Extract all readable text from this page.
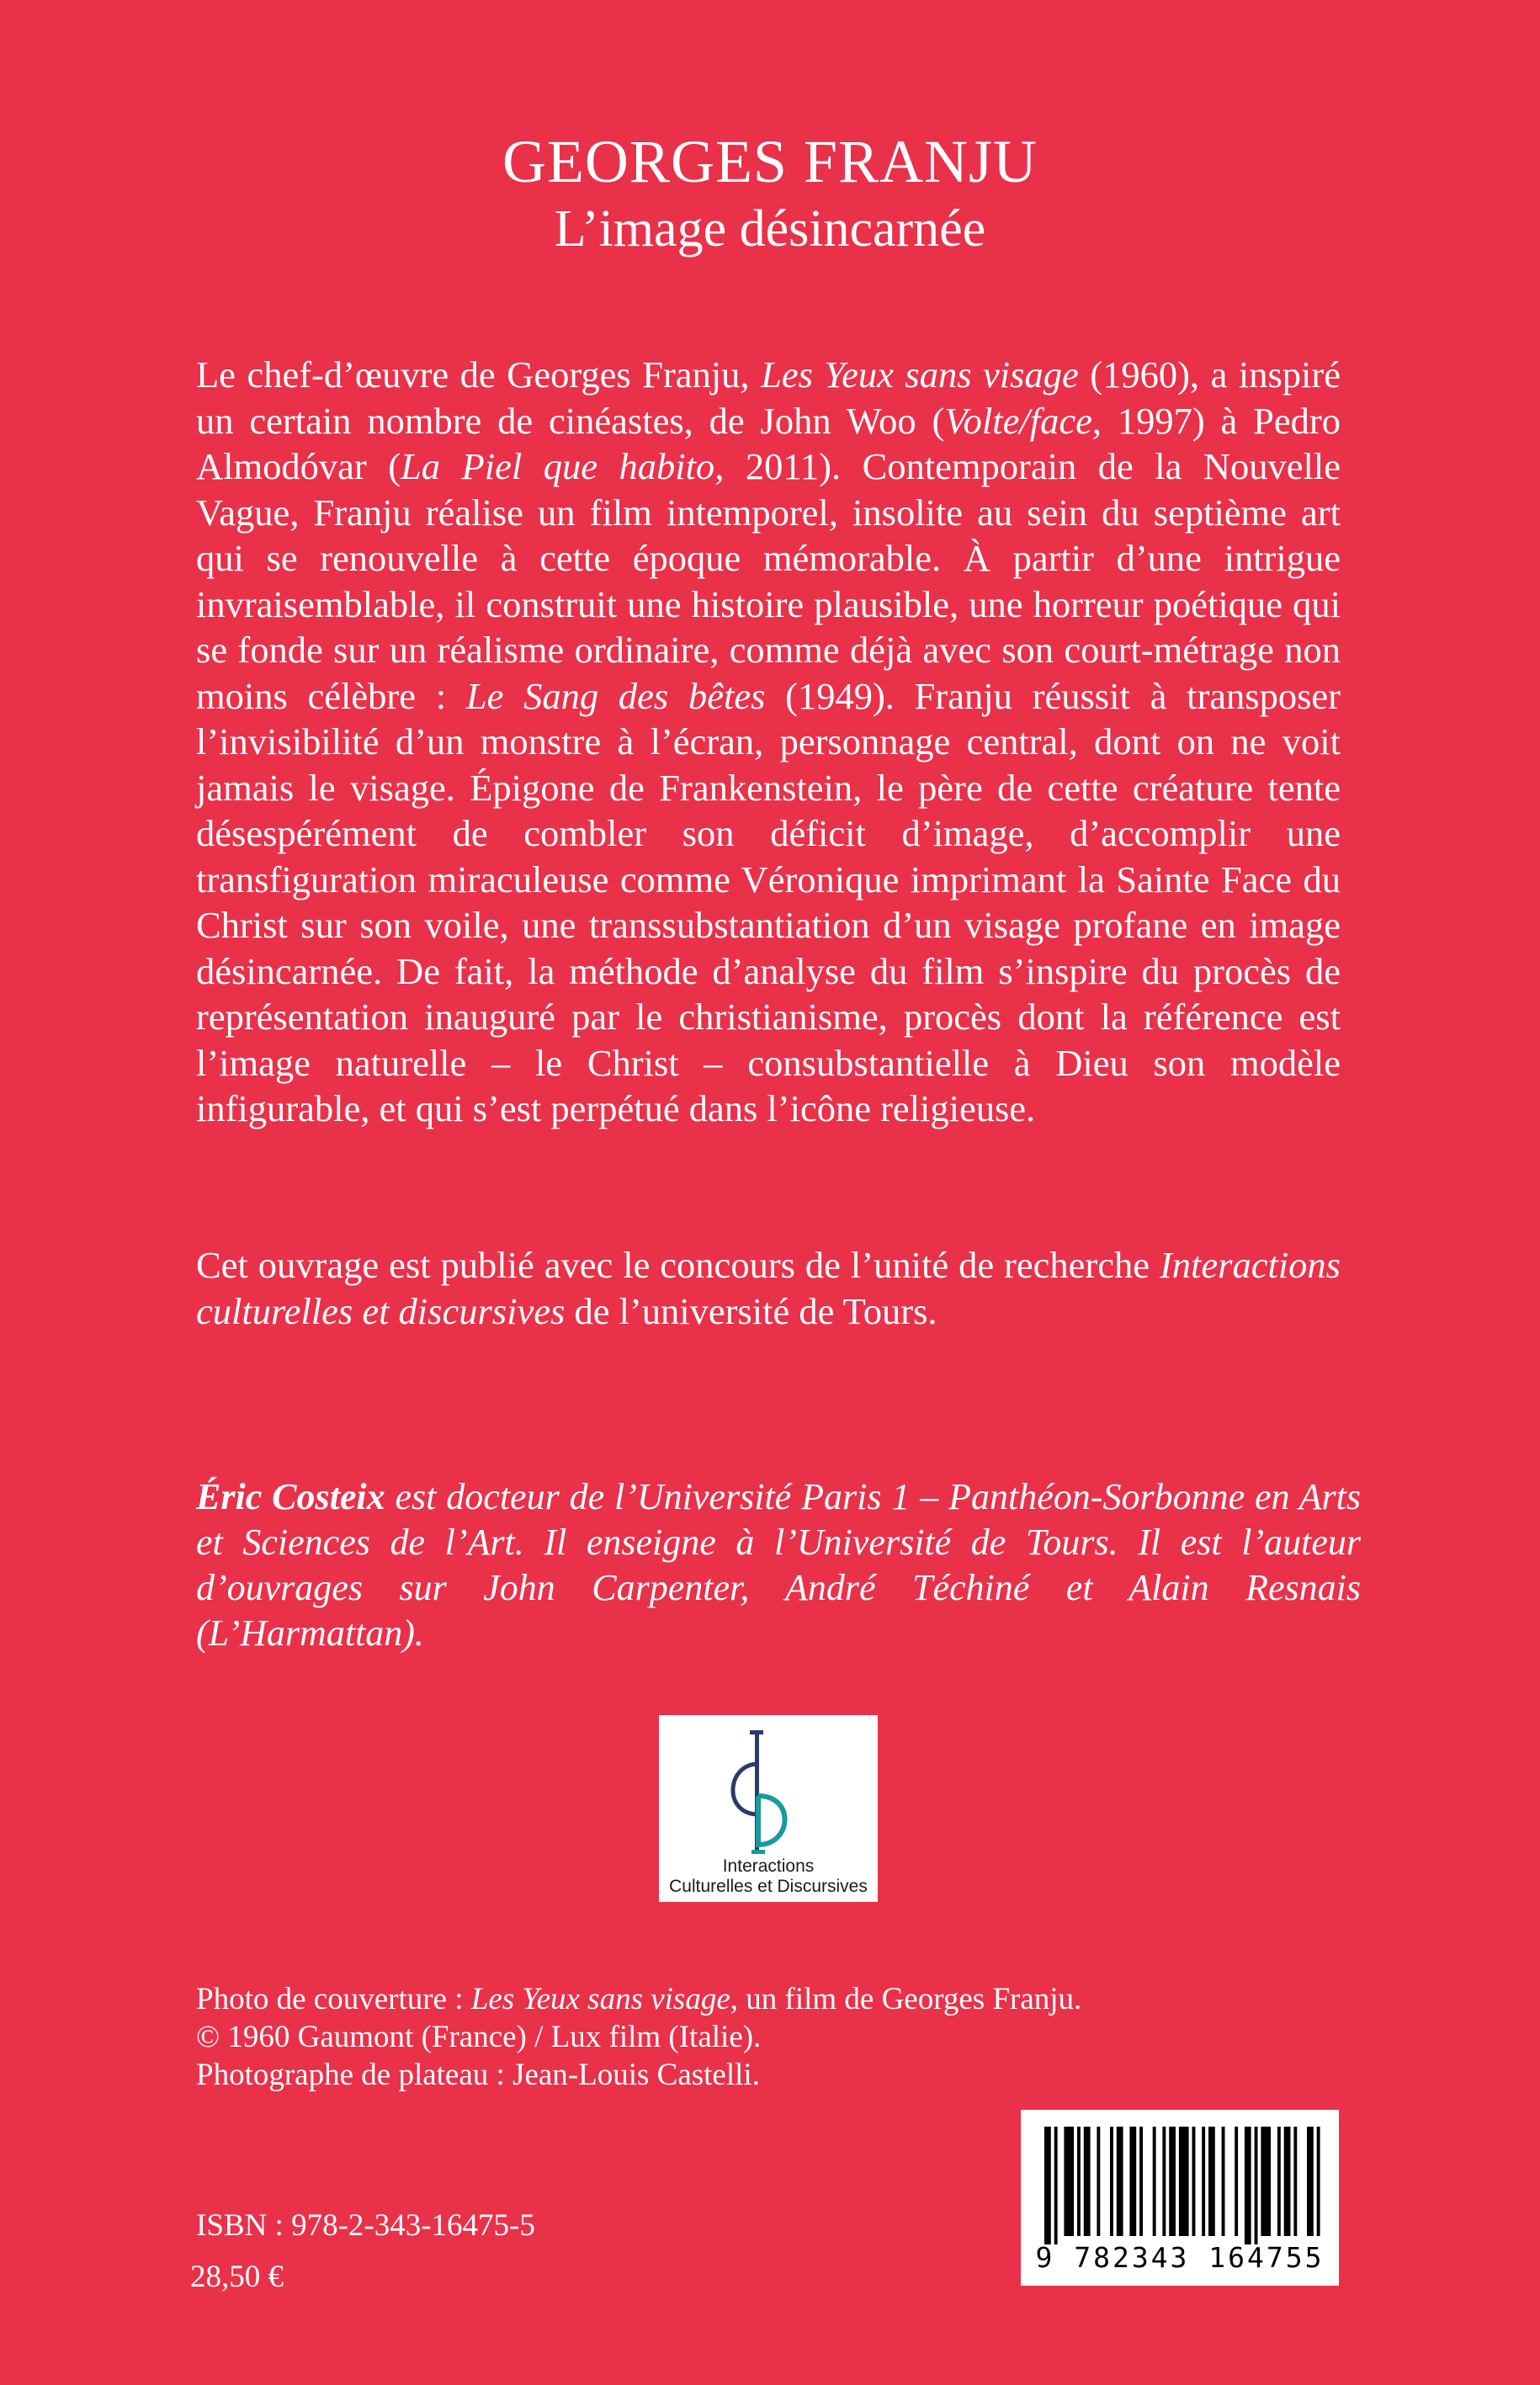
GEORGES FRANJU

L’image désincarnée

Le chef-d’œuvre de Georges Franju, Les Yeux sans visage (1960), a inspiré un certain nombre de cinéastes, de John Woo (Volte/face, 1997) à Pedro Almodóvar (La Piel que habito, 2011). Contemporain de la Nouvelle Vague, Franju réalise un film intemporel, insolite au sein du septième art qui se renouvelle à cette époque mémorable. À partir d’une intrigue invraisemblable, il construit une histoire plausible, une horreur poétique qui se fonde sur un réalisme ordinaire, comme déjà avec son court-métrage non moins célèbre : Le Sang des bêtes (1949). Franju réussit à transposer l’invisibilité d’un monstre à l’écran, personnage central, dont on ne voit jamais le visage. Épigone de Frankenstein, le père de cette créature tente désespérément de combler son déficit d’image, d’accomplir une transfiguration miraculeuse comme Véronique imprimant la Sainte Face du Christ sur son voile, une transsubstantiation d’un visage profane en image désincarnée. De fait, la méthode d’analyse du film s’inspire du procès de représentation inauguré par le christianisme, procès dont la référence est l’image naturelle – le Christ – consubstantielle à Dieu son modèle infigurable, et qui s’est perpétué dans l’icône religieuse.

Cet ouvrage est publié avec le concours de l’unité de recherche Interactions culturelles et discursives de l’université de Tours.

Éric Costeix est docteur de l’Université Paris 1 – Panthéon-Sorbonne en Arts et Sciences de l’Art. Il enseigne à l’Université de Tours. Il est l’auteur d’ouvrages sur John Carpenter, André Téchiné et Alain Resnais (L’Harmattan).

Interactions
Culturelles et Discursives

Photo de couverture : Les Yeux sans visage, un film de Georges Franju. © 1960 Gaumont (France) / Lux film (Italie).
Photographe de plateau : Jean-Louis Castelli.

ISBN : 978-2-343-16475-5
28,50 €
9 782343 164755
